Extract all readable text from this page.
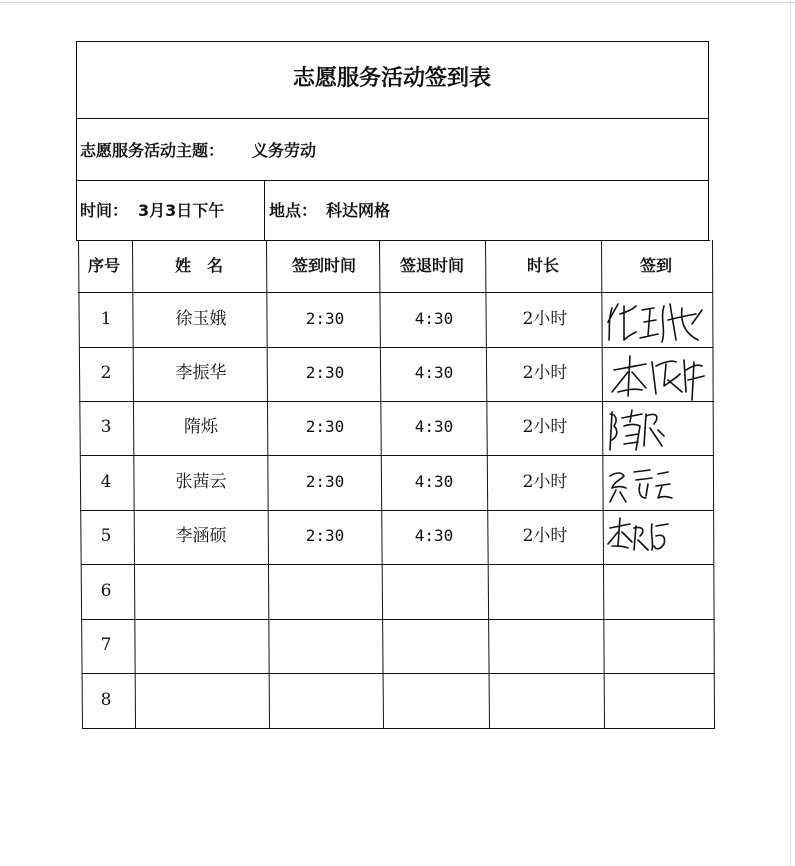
志愿服务活动签到表
志愿服务活动主题： 义务劳动
时间： 3月3日下午	地点： 科达网格
序号	姓　名	签到时间	签退时间	时长	签到
1	徐玉娥	2:30	4:30	2小时
2	李振华	2:30	4:30	2小时
3	隋烁	2:30	4:30	2小时
4	张茜云	2:30	4:30	2小时
5	李涵硕	2:30	4:30	2小时
6
7
8
